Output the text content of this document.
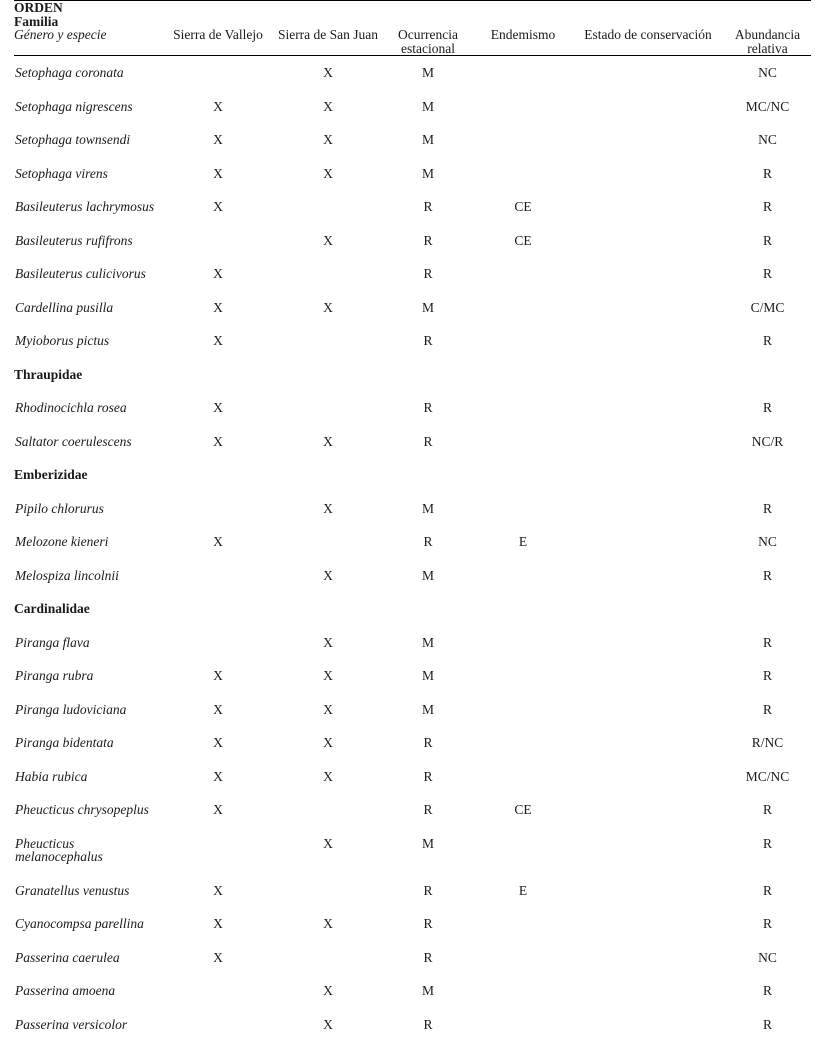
ORDEN						
Familia						
Género y especie	Sierra de Vallejo	Sierra de San Juan	Ocurrencia	Endemismo	Estado de conservación	Abundancia
			estacional			relativa
Setophaga coronata		X	M			NC
Setophaga nigrescens	X	X	M			MC/NC
Setophaga townsendi	X	X	M			NC
Setophaga virens	X	X	M			R
Basileuterus lachrymosus	X		R	CE		R
Basileuterus rufifrons		X	R	CE		R
Basileuterus culicivorus	X		R			R
Cardellina pusilla	X	X	M			C/MC
Myioborus pictus	X		R			R
Thraupidae						
Rhodinocichla rosea	X		R			R
Saltator coerulescens	X	X	R			NC/R
Emberizidae						
Pipilo chlorurus		X	M			R
Melozone kieneri	X		R	E		NC
Melospiza lincolnii		X	M			R
Cardinalidae						
Piranga flava		X	M			R
Piranga rubra	X	X	M			R
Piranga ludoviciana	X	X	M			R
Piranga bidentata	X	X	R			R/NC
Habia rubica	X	X	R			MC/NC
Pheucticus chrysopeplus	X		R	CE		R
Pheucticus melanocephalus		X	M			R
Granatellus venustus	X		R	E		R
Cyanocompsa parellina	X	X	R			R
Passerina caerulea	X		R			NC
Passerina amoena		X	M			R
Passerina versicolor		X	R			R
